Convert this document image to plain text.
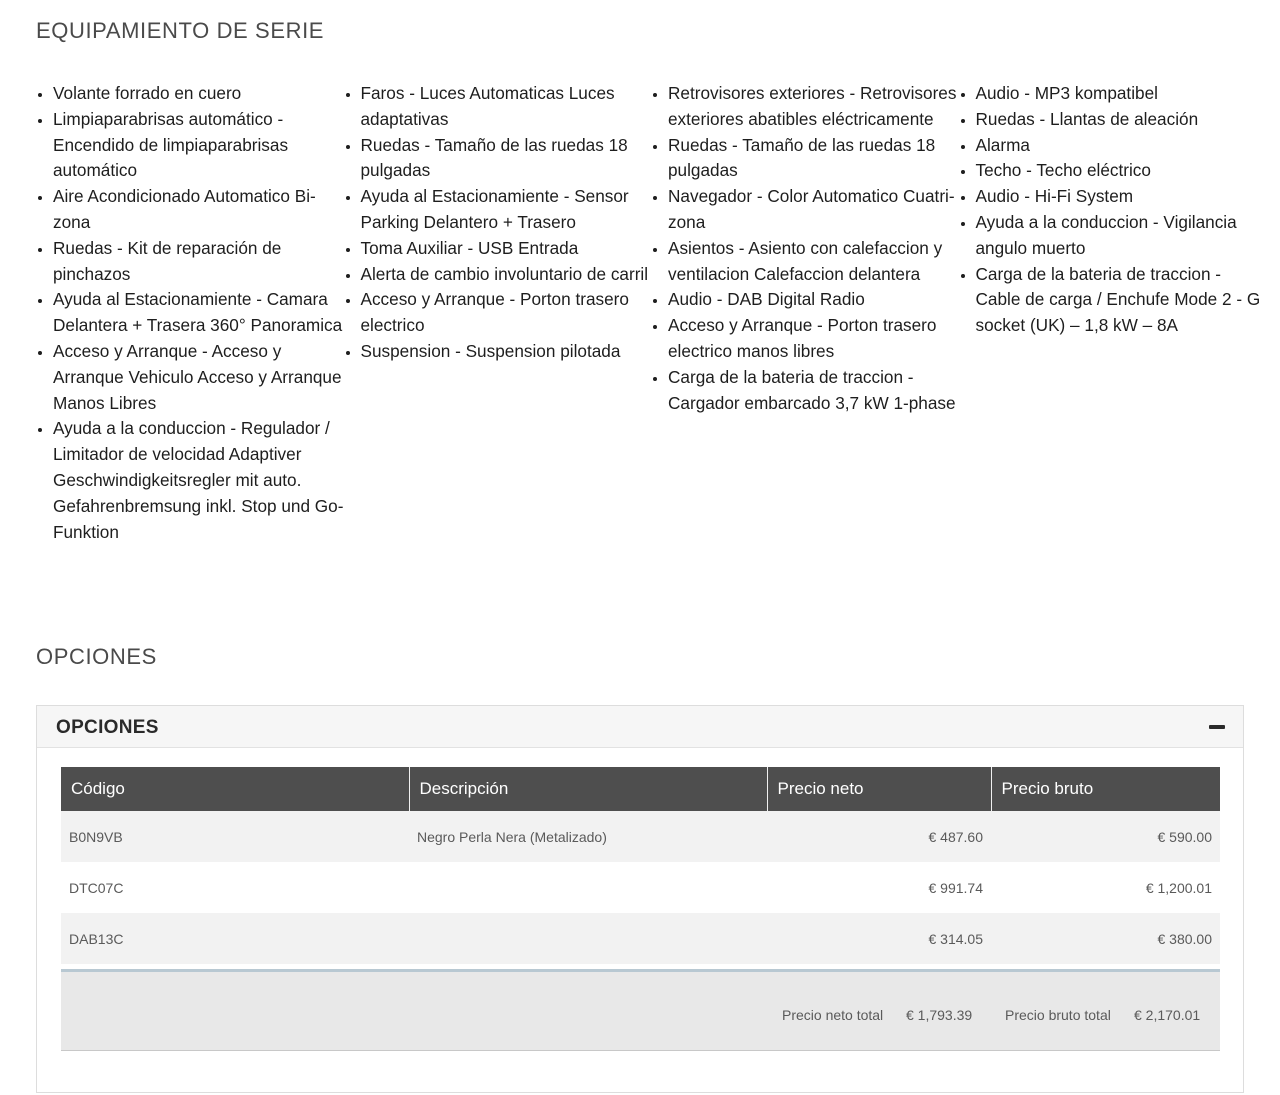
EQUIPAMIENTO DE SERIE
• Volante forrado en cuero
• Limpiaparabrisas automático - Encendido de limpiaparabrisas automático
• Aire Acondicionado Automatico Bi-zona
• Ruedas - Kit de reparación de pinchazos
• Ayuda al Estacionamiente - Camara Delantera + Trasera 360° Panoramica
• Acceso y Arranque - Acceso y Arranque Vehiculo Acceso y Arranque Manos Libres
• Ayuda a la conduccion - Regulador / Limitador de velocidad Adaptiver Geschwindigkeitsregler mit auto. Gefahrenbremsung inkl. Stop und Go-Funktion
• Faros - Luces Automaticas Luces adaptativas
• Ruedas - Tamaño de las ruedas 18 pulgadas
• Ayuda al Estacionamiente - Sensor Parking Delantero + Trasero
• Toma Auxiliar - USB Entrada
• Alerta de cambio involuntario de carril
• Acceso y Arranque - Porton trasero electrico
• Suspension - Suspension pilotada
• Retrovisores exteriores - Retrovisores exteriores abatibles eléctricamente
• Ruedas - Tamaño de las ruedas 18 pulgadas
• Navegador - Color Automatico Cuatri-zona
• Asientos - Asiento con calefaccion y ventilacion Calefaccion delantera
• Audio - DAB Digital Radio
• Acceso y Arranque - Porton trasero electrico manos libres
• Carga de la bateria de traccion - Cargador embarcado 3,7 kW 1-phase
• Audio - MP3 kompatibel
• Ruedas - Llantas de aleación
• Alarma
• Techo - Techo eléctrico
• Audio - Hi-Fi System
• Ayuda a la conduccion - Vigilancia angulo muerto
• Carga de la bateria de traccion - Cable de carga / Enchufe Mode 2 - G socket (UK) – 1,8 kW – 8A
OPCIONES
OPCIONES
Código	Descripción	Precio neto	Precio bruto
B0N9VB	Negro Perla Nera (Metalizado)	€ 487.60	€ 590.00
DTC07C		€ 991.74	€ 1,200.01
DAB13C		€ 314.05	€ 380.00
Precio neto total € 1,793.39 Precio bruto total € 2,170.01
